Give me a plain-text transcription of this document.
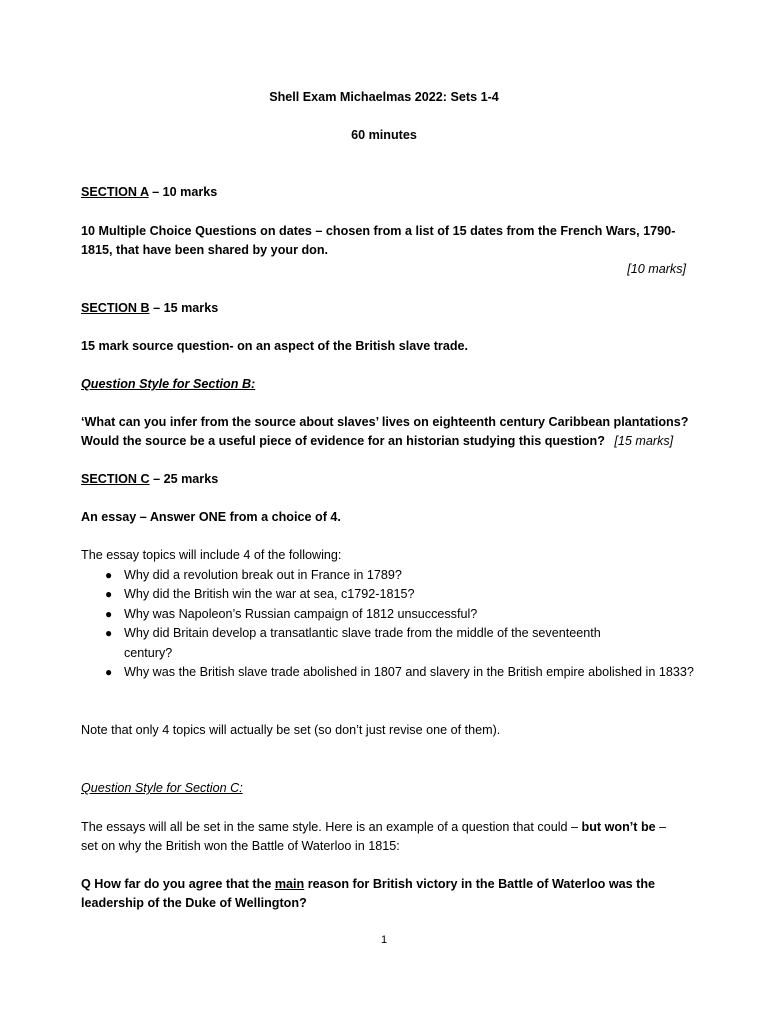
Shell Exam Michaelmas 2022: Sets 1-4
60 minutes
SECTION A – 10 marks
10 Multiple Choice Questions on dates – chosen from a list of 15 dates from the French Wars, 1790-
1815, that have been shared by your don.
[10 marks]
SECTION B – 15 marks
15 mark source question- on an aspect of the British slave trade.
Question Style for Section B:
‘What can you infer from the source about slaves’ lives on eighteenth century Caribbean plantations?
Would the source be a useful piece of evidence for an historian studying this question? [15 marks]
SECTION C – 25 marks
An essay – Answer ONE from a choice of 4.
The essay topics will include 4 of the following:
● Why did a revolution break out in France in 1789?
● Why did the British win the war at sea, c1792-1815?
● Why was Napoleon’s Russian campaign of 1812 unsuccessful?
● Why did Britain develop a transatlantic slave trade from the middle of the seventeenth century?
● Why was the British slave trade abolished in 1807 and slavery in the British empire abolished in 1833?
Note that only 4 topics will actually be set (so don’t just revise one of them).
Question Style for Section C:
The essays will all be set in the same style. Here is an example of a question that could – but won’t be –
set on why the British won the Battle of Waterloo in 1815:
Q How far do you agree that the main reason for British victory in the Battle of Waterloo was the
leadership of the Duke of Wellington?
1
